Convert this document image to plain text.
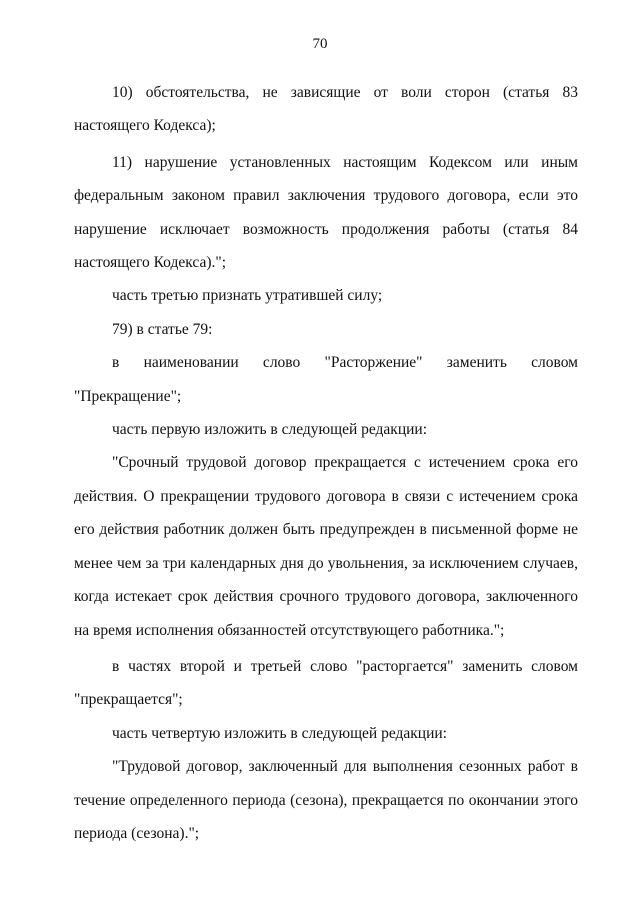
70

10) обстоятельства, не зависящие от воли сторон (статья 83 настоящего Кодекса);

11) нарушение установленных настоящим Кодексом или иным федеральным законом правил заключения трудового договора, если это нарушение исключает возможность продолжения работы (статья 84 настоящего Кодекса).";

часть третью признать утратившей силу;

79) в статье 79:

в наименовании слово "Расторжение" заменить словом "Прекращение";

часть первую изложить в следующей редакции:

"Срочный трудовой договор прекращается с истечением срока его действия. О прекращении трудового договора в связи с истечением срока его действия работник должен быть предупрежден в письменной форме не менее чем за три календарных дня до увольнения, за исключением случаев, когда истекает срок действия срочного трудового договора, заключенного на время исполнения обязанностей отсутствующего работника.";

в частях второй и третьей слово "расторгается" заменить словом "прекращается";

часть четвертую изложить в следующей редакции:

"Трудовой договор, заключенный для выполнения сезонных работ в течение определенного периода (сезона), прекращается по окончании этого периода (сезона).";
